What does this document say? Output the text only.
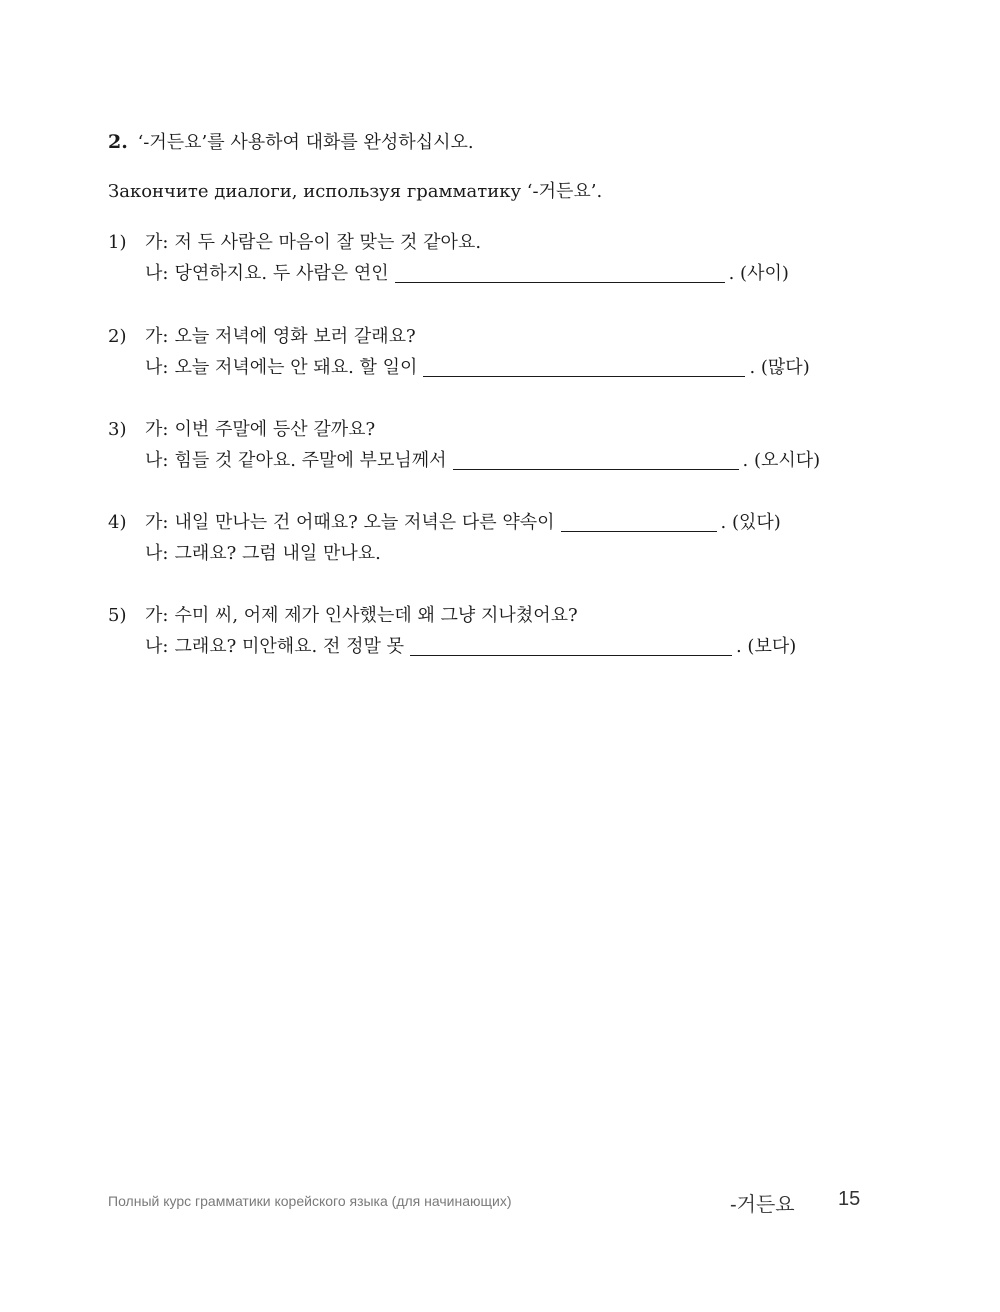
2. ‘-거든요’를 사용하여 대화를 완성하십시오.
Закончите диалоги, используя грамматику ‘-거든요’.
1)	가: 저 두 사람은 마음이 잘 맞는 것 같아요.
나: 당연하지요. 두 사람은 연인	. (사이)
2)	가: 오늘 저녁에 영화 보러 갈래요?
나: 오늘 저녁에는 안 돼요. 할 일이	. (많다)
3)	가: 이번 주말에 등산 갈까요?
나: 힘들 것 같아요. 주말에 부모님께서	. (오시다)
4)	가: 내일 만나는 건 어때요? 오늘 저녁은 다른 약속이	. (있다)
나: 그래요? 그럼 내일 만나요.
5)	가: 수미 씨, 어제 제가 인사했는데 왜 그냥 지나쳤어요?
나: 그래요? 미안해요. 전 정말 못	. (보다)
Полный курс грамматики корейского языка (для начинающих)	-거든요 15
